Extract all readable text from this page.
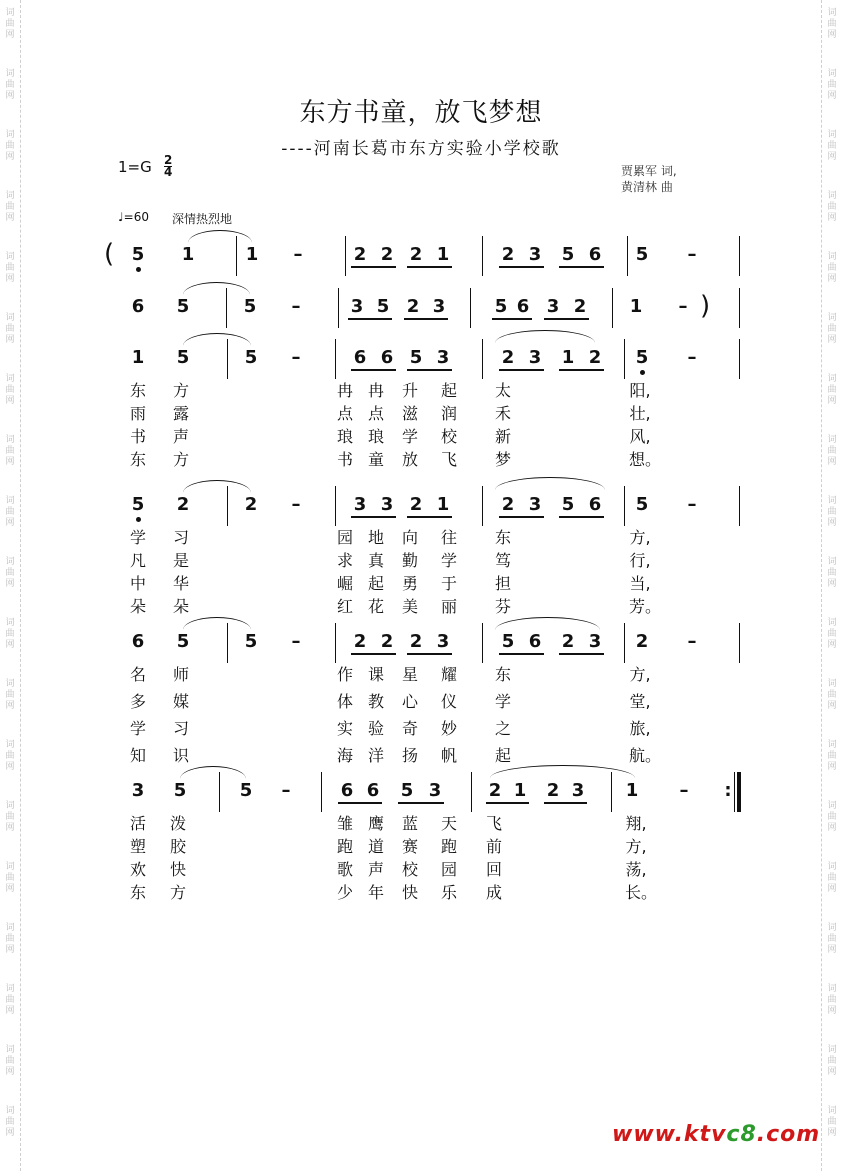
东方书童，放飞梦想
----河南长葛市东方实验小学校歌
$1=G \frac{2}{4}$	贾累军 词,
黄清林 曲
♩=60 深情热烈地
5	1	1	–	2 2 2 1	2 3	5 6	5	–
6	5	5	–	3 5 2 3	5 6 3 2	1	–
1	5	5	–	6 6 5 3	2 3	1 2	5	–
东 方	冉 冉 升 起 太	阳,
雨 露	点 点 滋 润 禾	壮,
书 声	琅 琅 学 校 新	风,
东 方	书 童 放 飞 梦	想。
5	2	2	–	3 3 2 1	2 3	5 6	5	–
学 习	园 地 向 往 东	方,
凡 是	求 真 勤 学 笃	行,
中 华	崛 起 勇 于 担	当,
朵 朵	红 花 美 丽 芬	芳。
6	5	5	–	2 2 2 3	5 6	2 3	2	–
名 师	作 课 星 耀 东	方,
多 媒	体 教 心 仪 学	堂,
学 习	实 验 奇 妙 之	旅,
知 识	海 洋 扬 帆 起	航。
3	5	5	–	6 6	5 3	2 1	2 3	1	–
活 泼	雏 鹰 蓝 天 飞	翔,
塑 胶	跑 道 赛 跑 前	方,
欢 快	歌 声 校 园 回	荡,
东 方	少 年 快 乐 成	长。
(
)
:
www.ktvc8.com
词
曲
网
词
曲
网
词
曲
网
词
曲
网
词
曲
网
词
曲
网
词
曲
网
词
曲
网
词
曲
网
词
曲
网
词
曲
网
词
曲
网
词
曲
网
词
曲
网
词
曲
网
词
曲
网
词
曲
网
词
曲
网
词
曲
网
词
曲
网
词
曲
网
词
曲
网
词
曲
网
词
曲
网
词
曲
网
词
曲
网
词
曲
网
词
曲
网
词
曲
网
词
曲
网
词
曲
网
词
曲
网
词
曲
网
词
曲
网
词
曲
网
词
曲
网
词
曲
网
词
曲
网
